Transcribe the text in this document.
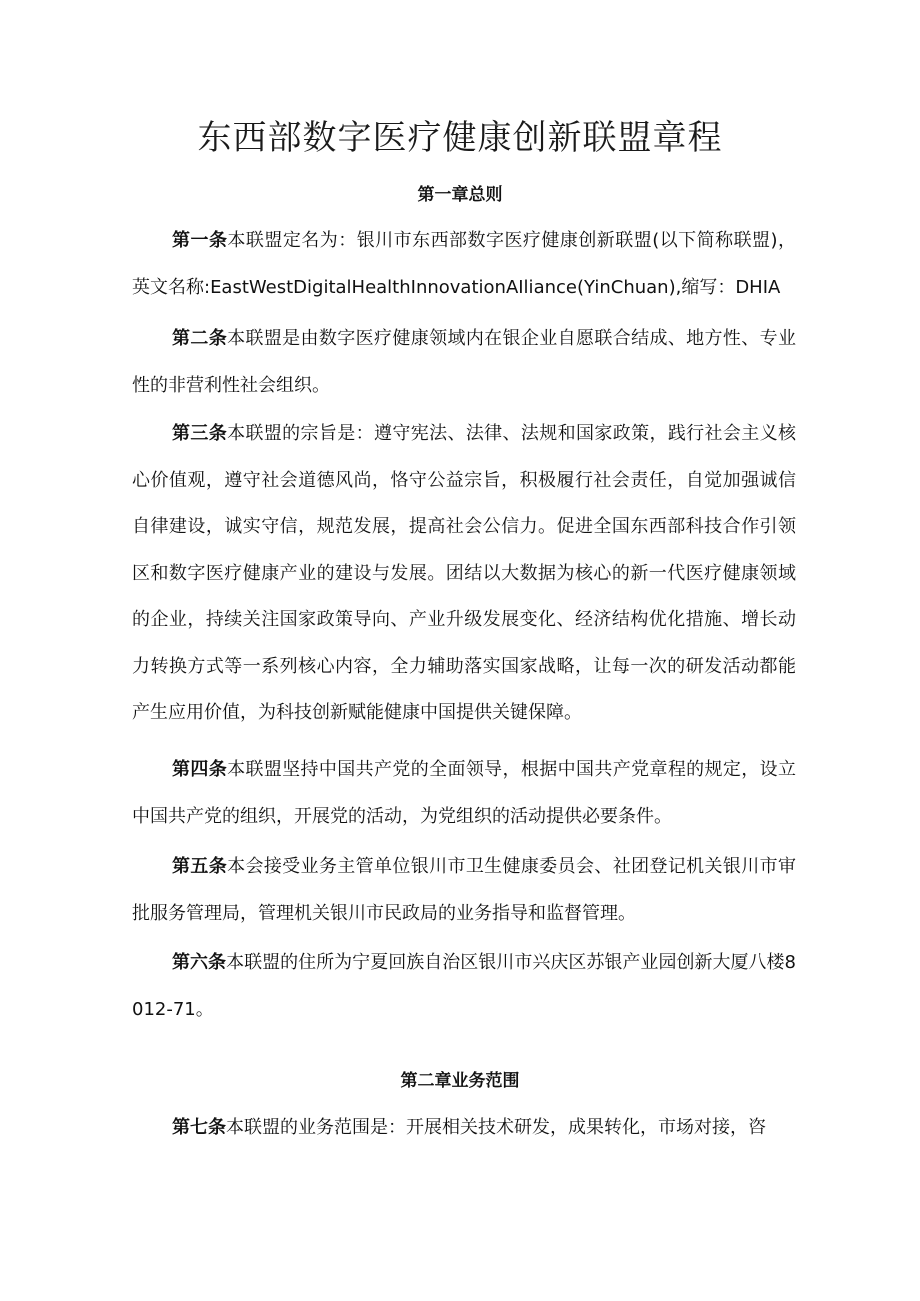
东西部数字医疗健康创新联盟章程
第一章总则

第一条本联盟定名为：银川市东西部数字医疗健康创新联盟(以下简称联盟)，英文名称:EastWestDigitalHealthInnovationAIliance(YinChuan),缩写：DHIA

第二条本联盟是由数字医疗健康领域内在银企业自愿联合结成、地方性、专业性的非营利性社会组织。

第三条本联盟的宗旨是：遵守宪法、法律、法规和国家政策，践行社会主义核心价值观，遵守社会道德风尚，恪守公益宗旨，积极履行社会责任，自觉加强诚信自律建设，诚实守信，规范发展，提高社会公信力。促进全国东西部科技合作引领区和数字医疗健康产业的建设与发展。团结以大数据为核心的新一代医疗健康领域的企业，持续关注国家政策导向、产业升级发展变化、经济结构优化措施、增长动力转换方式等一系列核心内容，全力辅助落实国家战略，让每一次的研发活动都能产生应用价值，为科技创新赋能健康中国提供关键保障。

第四条本联盟坚持中国共产党的全面领导，根据中国共产党章程的规定，设立中国共产党的组织，开展党的活动，为党组织的活动提供必要条件。

第五条本会接受业务主管单位银川市卫生健康委员会、社团登记机关银川市审批服务管理局，管理机关银川市民政局的业务指导和监督管理。

第六条本联盟的住所为宁夏回族自治区银川市兴庆区苏银产业园创新大厦八楼8012-71。

第二章业务范围

第七条本联盟的业务范围是：开展相关技术研发，成果转化，市场对接，咨
